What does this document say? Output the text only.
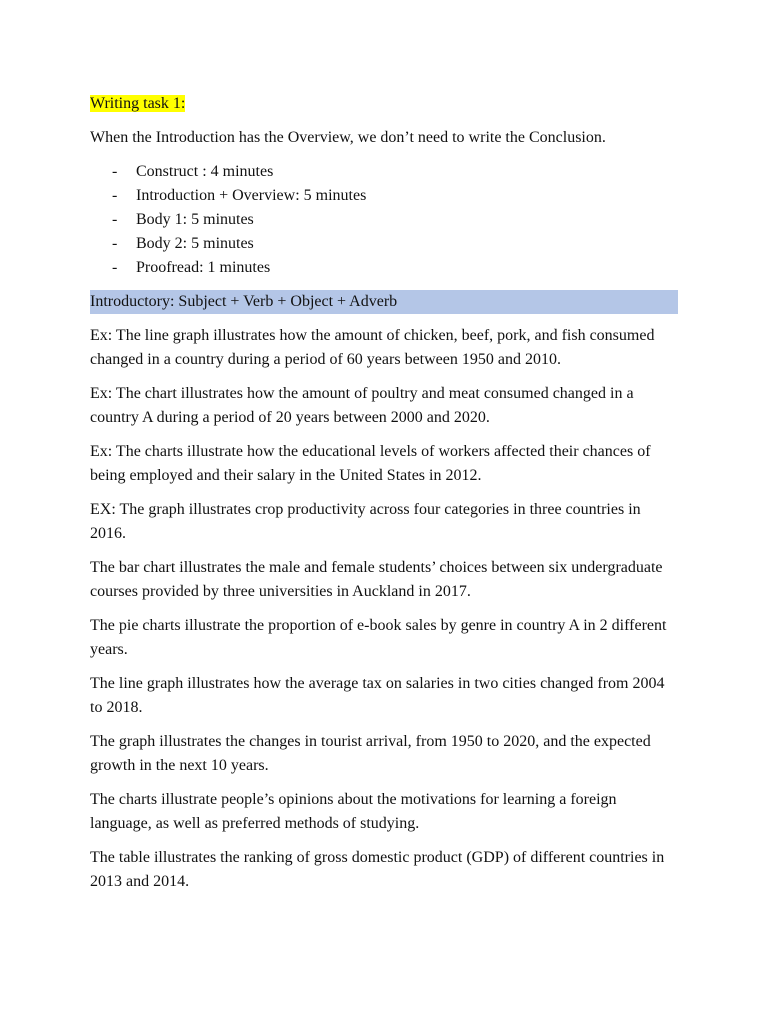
Writing task 1:

When the Introduction has the Overview, we don’t need to write the Conclusion.

- Construct : 4 minutes
- Introduction + Overview: 5 minutes
- Body 1: 5 minutes
- Body 2: 5 minutes
- Proofread: 1 minutes
Introductory: Subject + Verb + Object + Adverb

Ex: The line graph illustrates how the amount of chicken, beef, pork, and fish consumed changed in a country during a period of 60 years between 1950 and 2010.

Ex: The chart illustrates how the amount of poultry and meat consumed changed in a country A during a period of 20 years between 2000 and 2020.

Ex: The charts illustrate how the educational levels of workers affected their chances of being employed and their salary in the United States in 2012.

EX: The graph illustrates crop productivity across four categories in three countries in 2016.

The bar chart illustrates the male and female students’ choices between six undergraduate courses provided by three universities in Auckland in 2017.

The pie charts illustrate the proportion of e-book sales by genre in country A in 2 different years.

The line graph illustrates how the average tax on salaries in two cities changed from 2004 to 2018.

The graph illustrates the changes in tourist arrival, from 1950 to 2020, and the expected growth in the next 10 years.

The charts illustrate people’s opinions about the motivations for learning a foreign language, as well as preferred methods of studying.

The table illustrates the ranking of gross domestic product (GDP) of different countries in 2013 and 2014.
